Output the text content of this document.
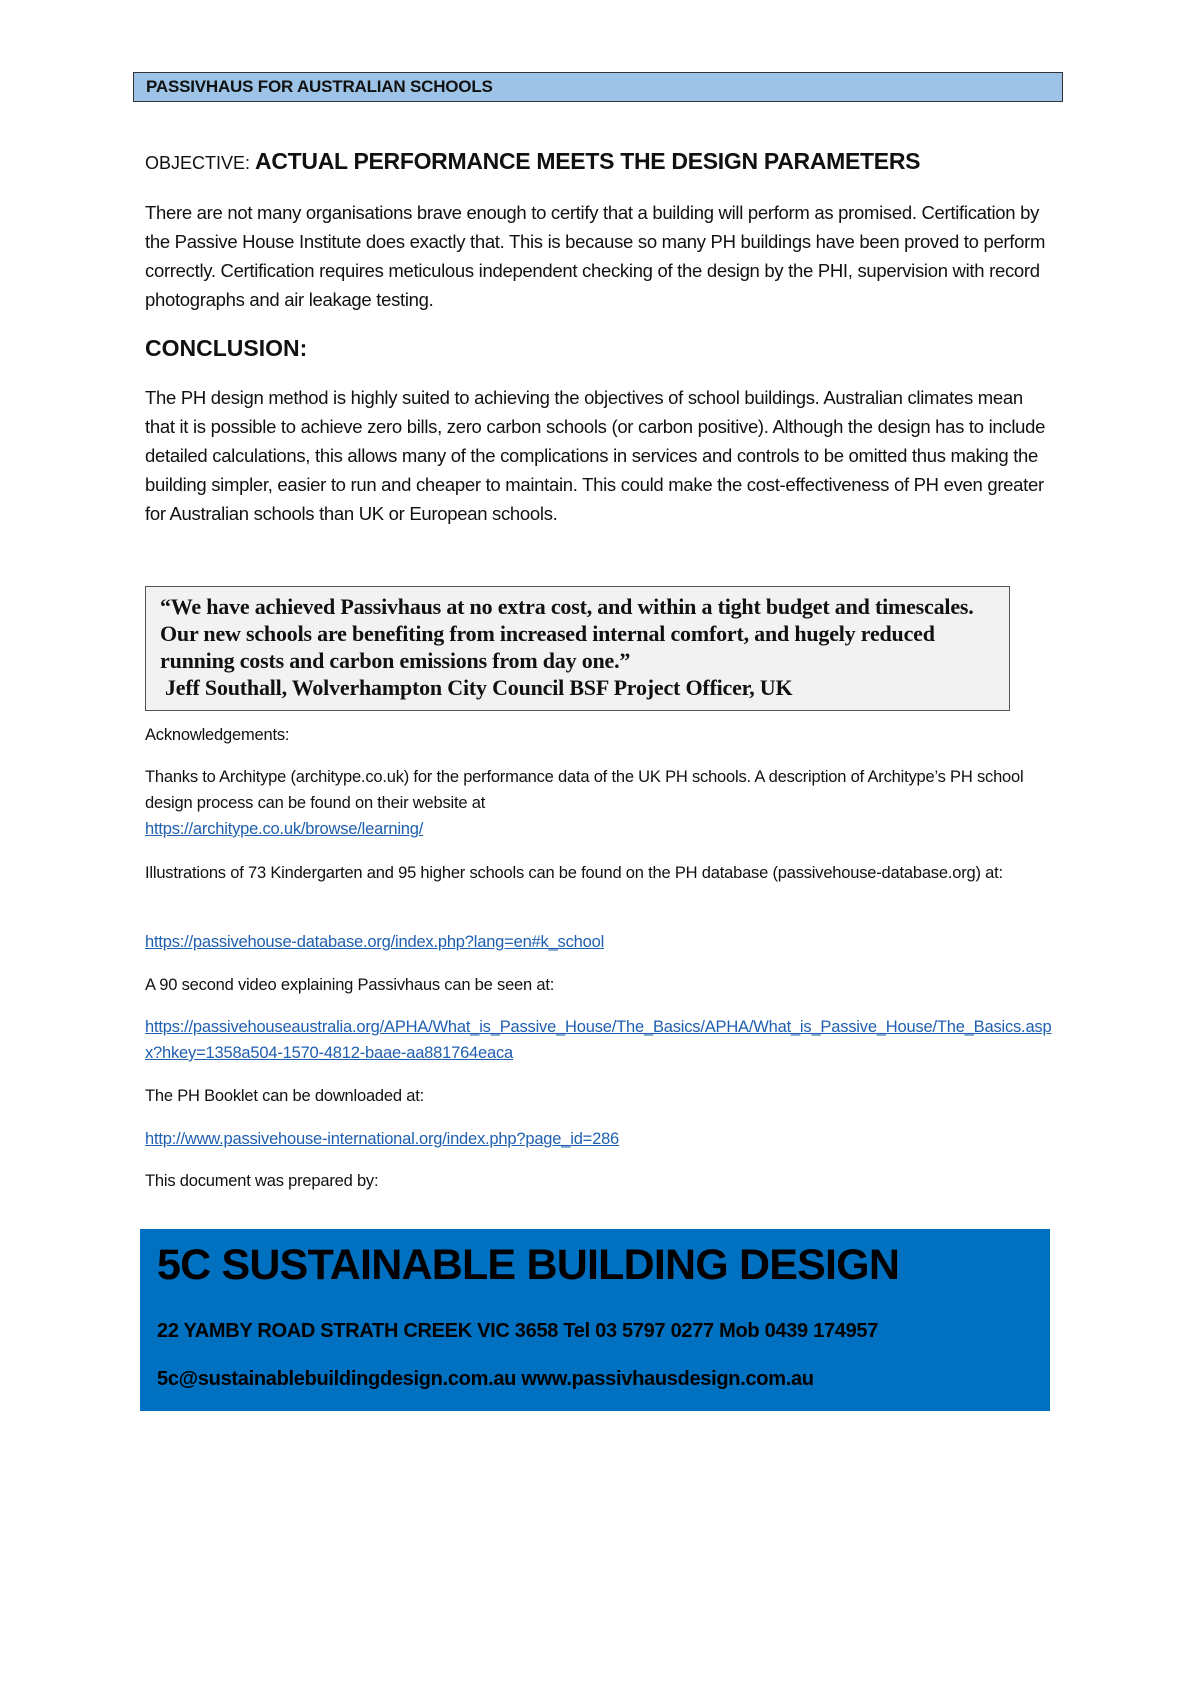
PASSIVHAUS FOR AUSTRALIAN SCHOOLS
OBJECTIVE: ACTUAL PERFORMANCE MEETS THE DESIGN PARAMETERS
There are not many organisations brave enough to certify that a building will perform as promised. Certification by the Passive House Institute does exactly that. This is because so many PH buildings have been proved to perform correctly. Certification requires meticulous independent checking of the design by the PHI, supervision with record photographs and air leakage testing.
CONCLUSION:
The PH design method is highly suited to achieving the objectives of school buildings. Australian climates mean that it is possible to achieve zero bills, zero carbon schools (or carbon positive). Although the design has to include detailed calculations, this allows many of the complications in services and controls to be omitted thus making the building simpler, easier to run and cheaper to maintain. This could make the cost-effectiveness of PH even greater for Australian schools than UK or European schools.
“We have achieved Passivhaus at no extra cost, and within a tight budget and timescales. Our new schools are benefiting from increased internal comfort, and hugely reduced running costs and carbon emissions from day one.”
Jeff Southall, Wolverhampton City Council BSF Project Officer, UK
Acknowledgements:
Thanks to Architype (architype.co.uk) for the performance data of the UK PH schools. A description of Architype’s PH school design process can be found on their website at
https://architype.co.uk/browse/learning/
Illustrations of 73 Kindergarten and 95 higher schools can be found on the PH database (passivehouse-database.org) at:
https://passivehouse-database.org/index.php?lang=en#k_school
A 90 second video explaining Passivhaus can be seen at:
https://passivehouseaustralia.org/APHA/What_is_Passive_House/The_Basics/APHA/What_is_Passive_House/The_Basics.aspx?hkey=1358a504-1570-4812-baae-aa881764eaca
The PH Booklet can be downloaded at:
http://www.passivehouse-international.org/index.php?page_id=286
This document was prepared by:
5C SUSTAINABLE BUILDING DESIGN
22 YAMBY ROAD STRATH CREEK VIC 3658 Tel 03 5797 0277 Mob 0439 174957
5c@sustainablebuildingdesign.com.au www.passivhausdesign.com.au
